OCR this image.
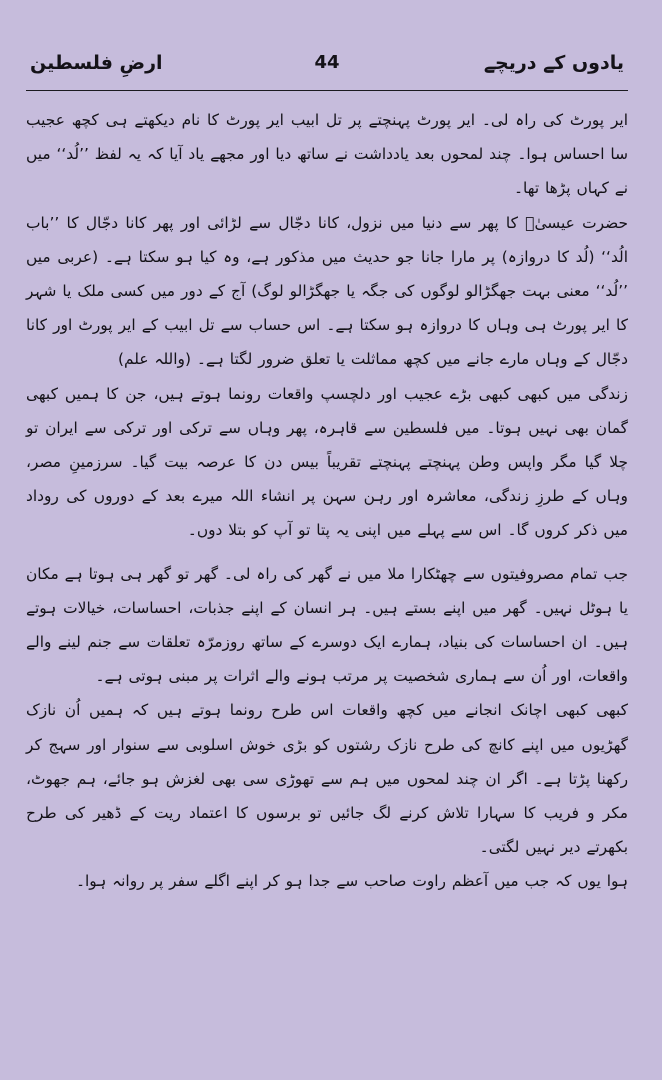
ارضِ فلسطین	44	یادوں کے دریچے

ایر پورٹ کی راہ لی۔ ایر پورٹ پہنچتے پر تل ابیب ایر پورٹ کا نام دیکھتے ہی کچھ عجیب سا احساس ہوا۔ چند لمحوں بعد یادداشت نے ساتھ دیا اور مجھے یاد آیا کہ یہ لفظ ’’لُد‘‘ میں نے کہاں پڑھا تھا۔

حضرت عیسیٰؑ کا پھر سے دنیا میں نزول، کانا دجّال سے لڑائی اور پھر کانا دجّال کا ’’باب الُد‘‘ (لُد کا دروازہ) پر مارا جانا جو حدیث میں مذکور ہے، وہ کیا ہو سکتا ہے۔ (عربی میں ’’لُد‘‘ معنی بہت جھگڑالو لوگوں کی جگہ یا جھگڑالو لوگ) آج کے دور میں کسی ملک یا شہر کا ایر پورٹ ہی وہاں کا دروازہ ہو سکتا ہے۔ اس حساب سے تل ابیب کے ایر پورٹ اور کانا دجّال کے وہاں مارے جانے میں کچھ مماثلت یا تعلق ضرور لگتا ہے۔ (واللہ علم)

زندگی میں کبھی کبھی بڑے عجیب اور دلچسپ واقعات رونما ہوتے ہیں، جن کا ہمیں کبھی گمان بھی نہیں ہوتا۔ میں فلسطین سے قاہرہ، پھر وہاں سے ترکی اور ترکی سے ایران تو چلا گیا مگر واپس وطن پہنچتے پہنچتے تقریباً بیس دن کا عرصہ بیت گیا۔ سرزمینِ مصر، وہاں کے طرزِ زندگی، معاشرہ اور رہن سہن پر انشاء اللہ میرے بعد کے دوروں کی روداد میں ذکر کروں گا۔ اس سے پہلے میں اپنی یہ پتا تو آپ کو بتلا دوں۔

جب تمام مصروفیتوں سے چھٹکارا ملا میں نے گھر کی راہ لی۔ گھر تو گھر ہی ہوتا ہے مکان یا ہوٹل نہیں۔ گھر میں اپنے بستے ہیں۔ ہر انسان کے اپنے جذبات، احساسات، خیالات ہوتے ہیں۔ ان احساسات کی بنیاد، ہمارے ایک دوسرے کے ساتھ روزمرّہ تعلقات سے جنم لینے والے واقعات، اور اُن سے ہماری شخصیت پر مرتب ہونے والے اثرات پر مبنی ہوتی ہے۔

کبھی کبھی اچانک انجانے میں کچھ واقعات اس طرح رونما ہوتے ہیں کہ ہمیں اُن نازک گھڑیوں میں اپنے کانچ کی طرح نازک رشتوں کو بڑی خوش اسلوبی سے سنوار اور سہج کر رکھنا پڑتا ہے۔ اگر ان چند لمحوں میں ہم سے تھوڑی سی بھی لغزش ہو جائے، ہم جھوٹ، مکر و فریب کا سہارا تلاش کرنے لگ جائیں تو برسوں کا اعتماد ریت کے ڈھیر کی طرح بکھرتے دیر نہیں لگتی۔

ہوا یوں کہ جب میں آعظم راوت صاحب سے جدا ہو کر اپنے اگلے سفر پر روانہ ہوا۔
